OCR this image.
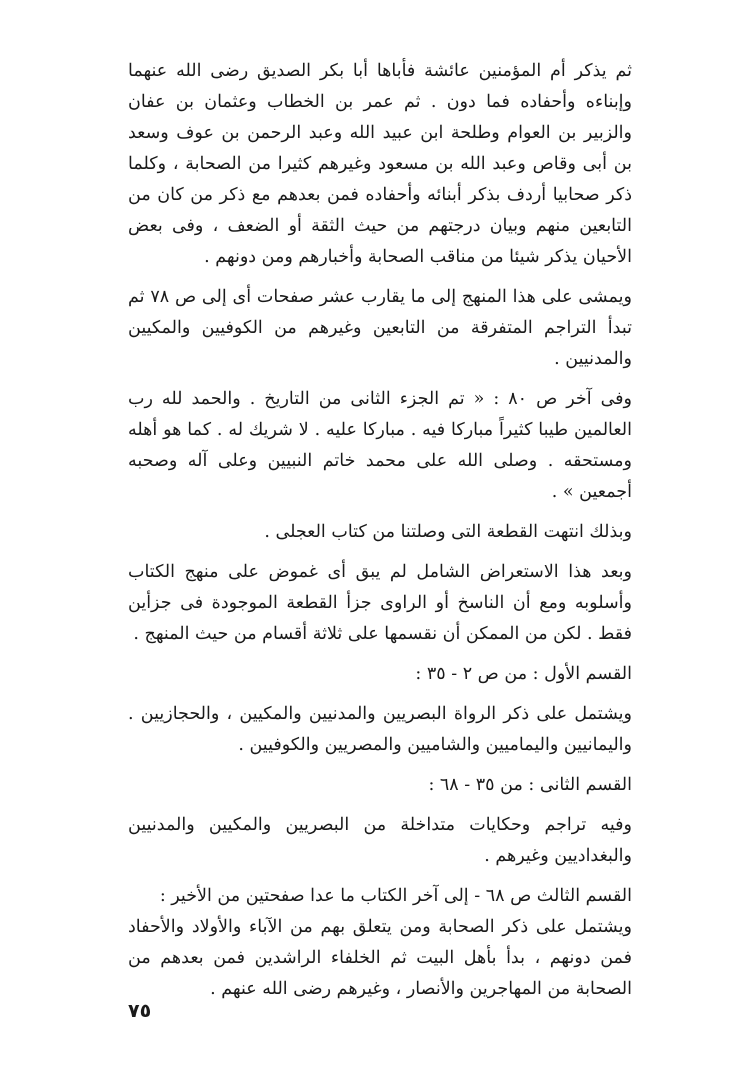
ثم يذكر أم المؤمنين عائشة فأباها أبا بكر الصديق رضى الله عنهما وإبناءه وأحفاده فما دون . ثم عمر بن الخطاب وعثمان بن عفان والزبير بن العوام وطلحة ابن عبيد الله وعبد الرحمن بن عوف وسعد بن أبى وقاص وعبد الله بن مسعود وغيرهم كثيرا من الصحابة ، وكلما ذكر صحابيا أردف بذكر أبنائه وأحفاده فمن بعدهم مع ذكر من كان من التابعين منهم وبيان درجتهم من حيث الثقة أو الضعف ، وفى بعض الأحيان يذكر شيئا من مناقب الصحابة وأخبارهم ومن دونهم .

ويمشى على هذا المنهج إلى ما يقارب عشر صفحات أى إلى ص ٧٨ ثم تبدأ التراجم المتفرقة من التابعين وغيرهم من الكوفيين والمكيين والمدنيين .

وفى آخر ص ٨٠ : « تم الجزء الثانى من التاريخ . والحمد لله رب العالمين طيبا كثيراً مباركا فيه . مباركا عليه . لا شريك له . كما هو أهله ومستحقه . وصلى الله على محمد خاتم النبيين وعلى آله وصحبه أجمعين » .

وبذلك انتهت القطعة التى وصلتنا من كتاب العجلى .

وبعد هذا الاستعراض الشامل لم يبق أى غموض على منهج الكتاب وأسلوبه ومع أن الناسخ أو الراوى جزأ القطعة الموجودة فى جزأين فقط . لكن من الممكن أن نقسمها على ثلاثة أقسام من حيث المنهج .

القسم الأول : من ص ٢ - ٣٥ :

ويشتمل على ذكر الرواة البصريين والمدنيين والمكيين ، والحجازيين . واليمانيين واليماميين والشاميين والمصريين والكوفيين .

القسم الثانى : من ٣٥ - ٦٨ :

وفيه تراجم وحكايات متداخلة من البصريين والمكيين والمدنيين والبغداديين وغيرهم .

القسم الثالث ص ٦٨ - إلى آخر الكتاب ما عدا صفحتين من الأخير :

ويشتمل على ذكر الصحابة ومن يتعلق بهم من الآباء والأولاد والأحفاد فمن دونهم ، بدأ بأهل البيت ثم الخلفاء الراشدين فمن بعدهم من الصحابة من المهاجرين والأنصار ، وغيرهم رضى الله عنهم .

٧٥
